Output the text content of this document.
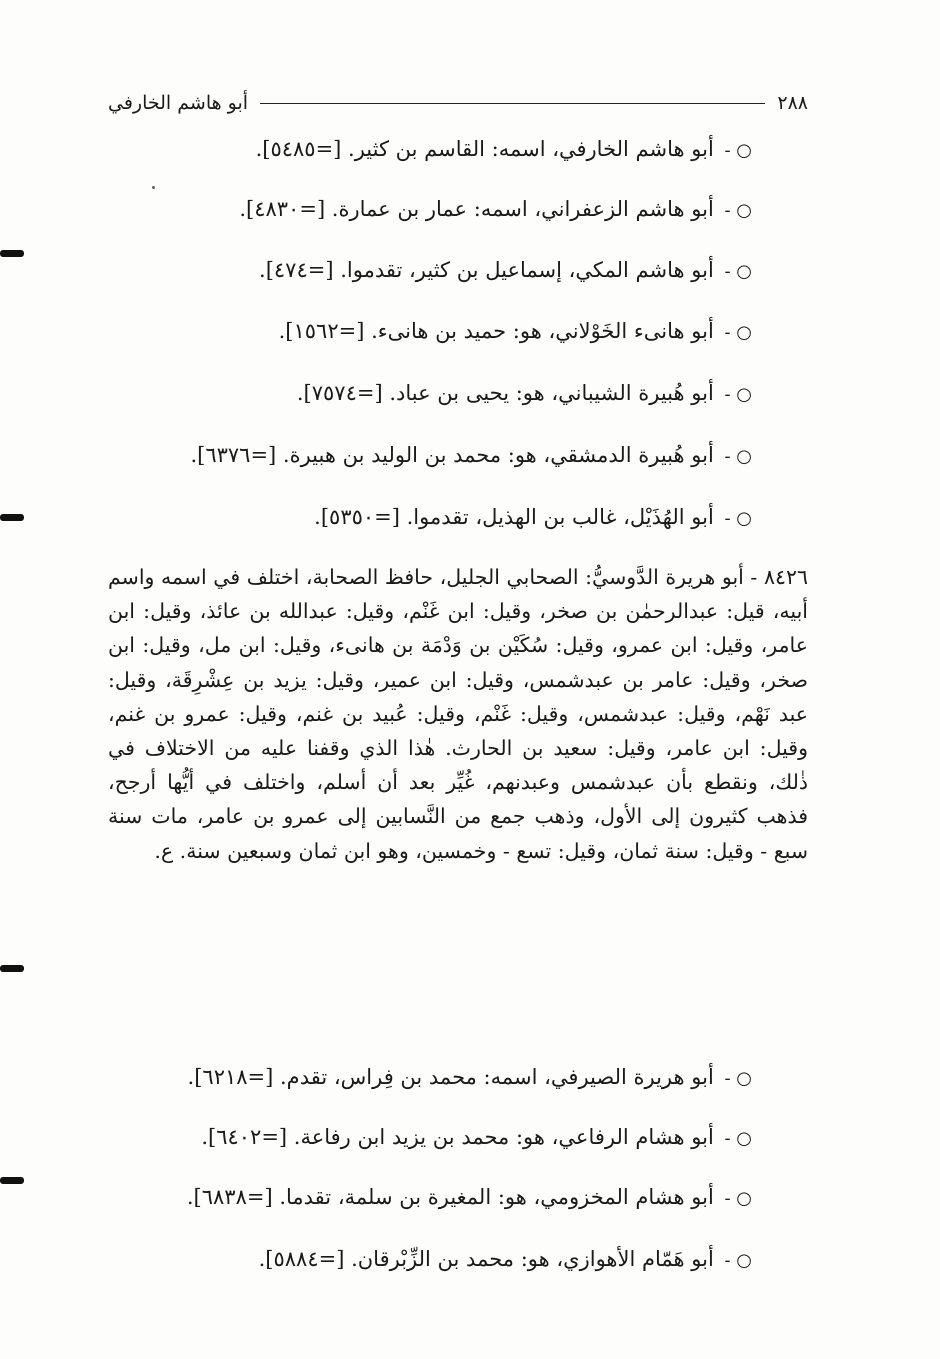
٢٨٨
أبو هاشم الخارفي
○ - أبو هاشم الخارفي، اسمه: القاسم بن كثير. [=٥٤٨٥].
○ - أبو هاشم الزعفراني، اسمه: عمار بن عمارة. [=٤٨٣٠].
○ - أبو هاشم المكي، إسماعيل بن كثير، تقدموا. [=٤٧٤].
○ - أبو هانىء الخَوْلاني، هو: حميد بن هانىء. [=١٥٦٢].
○ - أبو هُبيرة الشيباني، هو: يحيى بن عباد. [=٧٥٧٤].
○ - أبو هُبيرة الدمشقي، هو: محمد بن الوليد بن هبيرة. [=٦٣٧٦].
○ - أبو الهُذَيْل، غالب بن الهذيل، تقدموا. [=٥٣٥٠].
٨٤٢٦ - أبو هريرة الدَّوسيُّ: الصحابي الجليل، حافظ الصحابة، اختلف في اسمه واسم أبيه، قيل: عبدالرحمٰن بن صخر، وقيل: ابن غَنْم، وقيل: عبدالله بن عائذ، وقيل: ابن عامر، وقيل: ابن عمرو، وقيل: سُكَيْن بن وَدْمَة بن هانىء، وقيل: ابن مل، وقيل: ابن صخر، وقيل: عامر بن عبدشمس، وقيل: ابن عمير، وقيل: يزيد بن عِشْرِقَة، وقيل: عبد نَهْم، وقيل: عبدشمس، وقيل: غَنْم، وقيل: عُبيد بن غنم، وقيل: عمرو بن غنم، وقيل: ابن عامر، وقيل: سعيد بن الحارث. هٰذا الذي وقفنا عليه من الاختلاف في ذٰلك، ونقطع بأن عبدشمس وعبدنهم، غُيِّر بعد أن أسلم، واختلف في أيُّها أرجح، فذهب كثيرون إلى الأول، وذهب جمع من النَّسابين إلى عمرو بن عامر، مات سنة سبع - وقيل: سنة ثمان، وقيل: تسع - وخمسين، وهو ابن ثمان وسبعين سنة. ع.
○ - أبو هريرة الصيرفي، اسمه: محمد بن فِراس، تقدم. [=٦٢١٨].
○ - أبو هشام الرفاعي، هو: محمد بن يزيد ابن رفاعة. [=٦٤٠٢].
○ - أبو هشام المخزومي، هو: المغيرة بن سلمة، تقدما. [=٦٨٣٨].
○ - أبو هَمّام الأهوازي، هو: محمد بن الزِّبْرقان. [=٥٨٨٤].
